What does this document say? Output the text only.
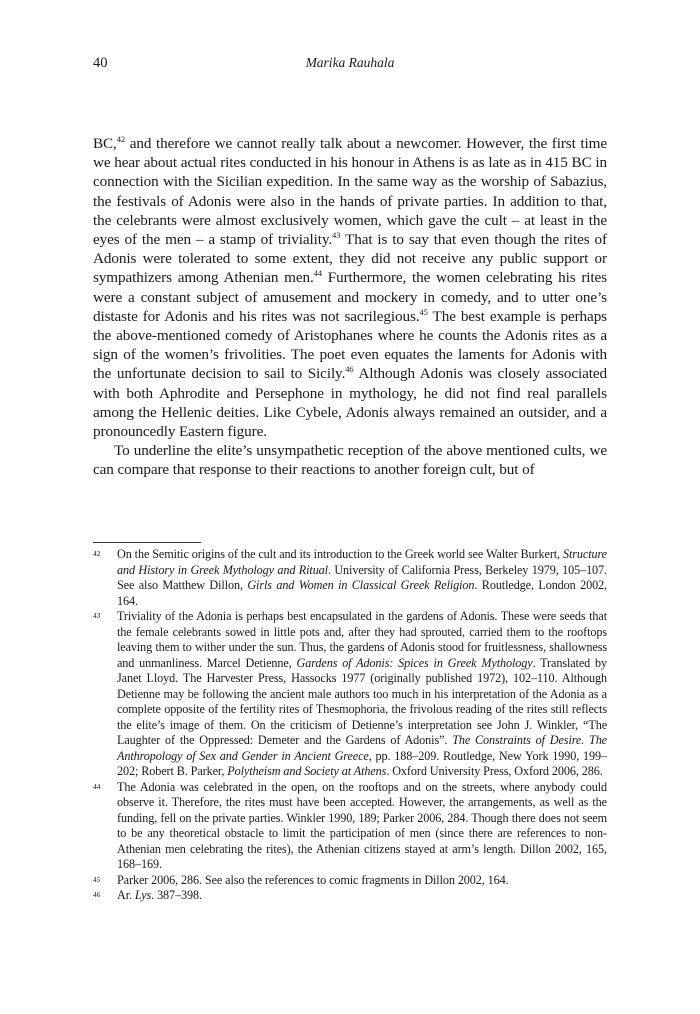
40	Marika Rauhala

BC,$^{42}$ and therefore we cannot really talk about a newcomer. However, the first time we hear about actual rites conducted in his honour in Athens is as late as in 415 BC in connection with the Sicilian expedition. In the same way as the worship of Sabazius, the festivals of Adonis were also in the hands of private parties. In addition to that, the celebrants were almost exclusively women, which gave the cult – at least in the eyes of the men – a stamp of triviality.$^{43}$ That is to say that even though the rites of Adonis were tolerated to some extent, they did not receive any public support or sympathizers among Athenian men.$^{44}$ Furthermore, the women celebrating his rites were a constant subject of amusement and mockery in comedy, and to utter one’s distaste for Adonis and his rites was not sacrilegious.$^{45}$ The best example is perhaps the above-mentioned comedy of Aristophanes where he counts the Adonis rites as a sign of the women’s frivolities. The poet even equates the laments for Adonis with the unfortunate decision to sail to Sicily.$^{46}$ Although Adonis was closely associated with both Aphrodite and Persephone in mythology, he did not find real parallels among the Hellenic deities. Like Cybele, Adonis always remained an outsider, and a pronouncedly Eastern figure.

To underline the elite’s unsympathetic reception of the above mentioned cults, we can compare that response to their reactions to another foreign cult, but of

42 On the Semitic origins of the cult and its introduction to the Greek world see Walter Burkert, Structure and History in Greek Mythology and Ritual. University of California Press, Berkeley 1979, 105–107. See also Matthew Dillon, Girls and Women in Classical Greek Religion. Routledge, London 2002, 164.
43 Triviality of the Adonia is perhaps best encapsulated in the gardens of Adonis. These were seeds that the female celebrants sowed in little pots and, after they had sprouted, carried them to the rooftops leaving them to wither under the sun. Thus, the gardens of Adonis stood for fruitlessness, shallowness and unmanliness. Marcel Detienne, Gardens of Adonis: Spices in Greek Mythology. Translated by Janet Lloyd. The Harvester Press, Hassocks 1977 (originally published 1972), 102–110. Although Detienne may be following the ancient male authors too much in his interpretation of the Adonia as a complete opposite of the fertility rites of Thesmophoria, the frivolous reading of the rites still reflects the elite’s image of them. On the criticism of Detienne’s interpretation see John J. Winkler, “The Laughter of the Oppressed: Demeter and the Gardens of Adonis”. The Constraints of Desire. The Anthropology of Sex and Gender in Ancient Greece, pp. 188–209. Routledge, New York 1990, 199–202; Robert B. Parker, Polytheism and Society at Athens. Oxford University Press, Oxford 2006, 286.
44 The Adonia was celebrated in the open, on the rooftops and on the streets, where anybody could observe it. Therefore, the rites must have been accepted. However, the arrangements, as well as the funding, fell on the private parties. Winkler 1990, 189; Parker 2006, 284. Though there does not seem to be any theoretical obstacle to limit the participation of men (since there are references to non-Athenian men celebrating the rites), the Athenian citizens stayed at arm’s length. Dillon 2002, 165, 168–169.
45 Parker 2006, 286. See also the references to comic fragments in Dillon 2002, 164.
46 Ar. Lys. 387–398.
